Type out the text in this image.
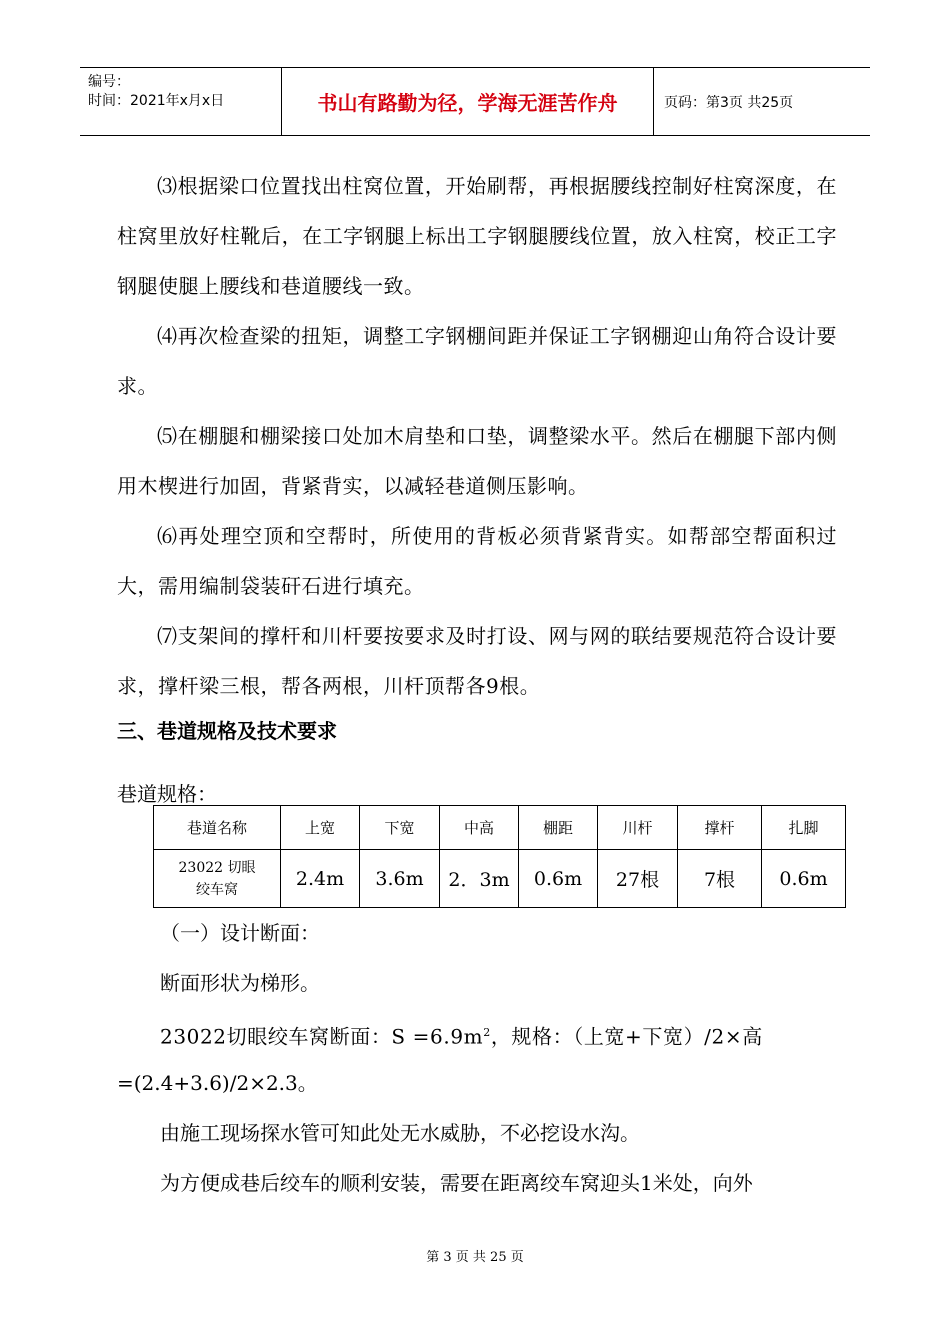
编号：
时间：2021年x月x日	书山有路勤为径，学海无涯苦作舟	页码：第3页 共25页

⑶根据梁口位置找出柱窝位置，开始刷帮，再根据腰线控制好柱窝深度，在柱窝里放好柱靴后，在工字钢腿上标出工字钢腿腰线位置，放入柱窝，校正工字钢腿使腿上腰线和巷道腰线一致。

⑷再次检查梁的扭矩，调整工字钢棚间距并保证工字钢棚迎山角符合设计要求。

⑸在棚腿和棚梁接口处加木肩垫和口垫，调整梁水平。然后在棚腿下部内侧用木楔进行加固，背紧背实，以减轻巷道侧压影响。

⑹再处理空顶和空帮时，所使用的背板必须背紧背实。如帮部空帮面积过大，需用编制袋装矸石进行填充。

⑺支架间的撑杆和川杆要按要求及时打设、网与网的联结要规范符合设计要求，撑杆梁三根，帮各两根，川杆顶帮各9根。

三、巷道规格及技术要求
巷道规格：
巷道名称	上宽	下宽	中高	棚距	川杆	撑杆	扎脚

23022 切眼
绞车窝	2.4m	3.6m	2．3m	0.6m	27根	7根	0.6m
（一）设计断面：
断面形状为梯形。
23022切眼绞车窝断面：$S =6.9m^2$，规格：（上宽+下宽）/2×高
=(2.4+3.6)/2×2.3。
由施工现场探水管可知此处无水威胁，不必挖设水沟。
为方便成巷后绞车的顺利安装，需要在距离绞车窝迎头1米处，向外
第 3 页 共 25 页
